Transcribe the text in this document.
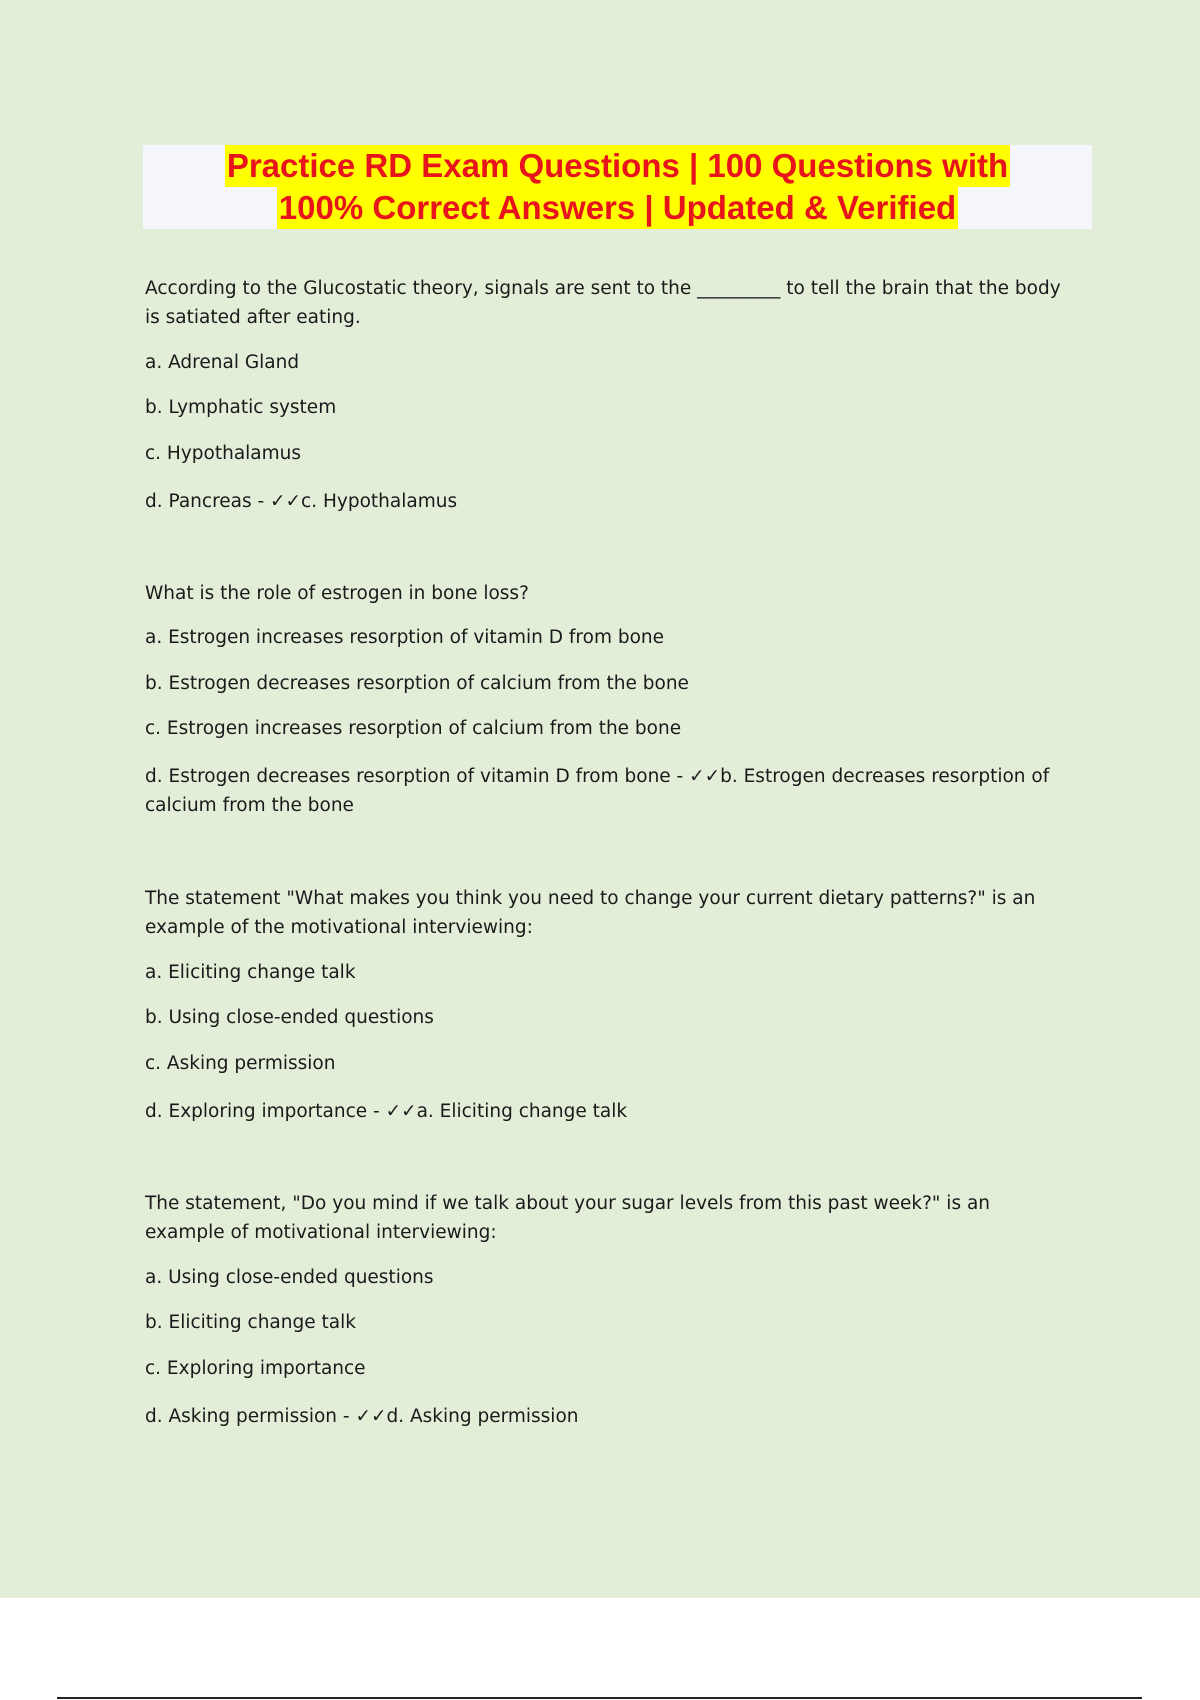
Practice RD Exam Questions | 100 Questions with
100% Correct Answers | Updated & Verified
According to the Glucostatic theory, signals are sent to the _________ to tell the brain that the body is satiated after eating.
a. Adrenal Gland
b. Lymphatic system
c. Hypothalamus
d. Pancreas - ✓✓c. Hypothalamus
What is the role of estrogen in bone loss?
a. Estrogen increases resorption of vitamin D from bone
b. Estrogen decreases resorption of calcium from the bone
c. Estrogen increases resorption of calcium from the bone
d. Estrogen decreases resorption of vitamin D from bone - ✓✓b. Estrogen decreases resorption of calcium from the bone
The statement "What makes you think you need to change your current dietary patterns?" is an example of the motivational interviewing:
a. Eliciting change talk
b. Using close-ended questions
c. Asking permission
d. Exploring importance - ✓✓a. Eliciting change talk
The statement, "Do you mind if we talk about your sugar levels from this past week?" is an example of motivational interviewing:
a. Using close-ended questions
b. Eliciting change talk
c. Exploring importance
d. Asking permission - ✓✓d. Asking permission
